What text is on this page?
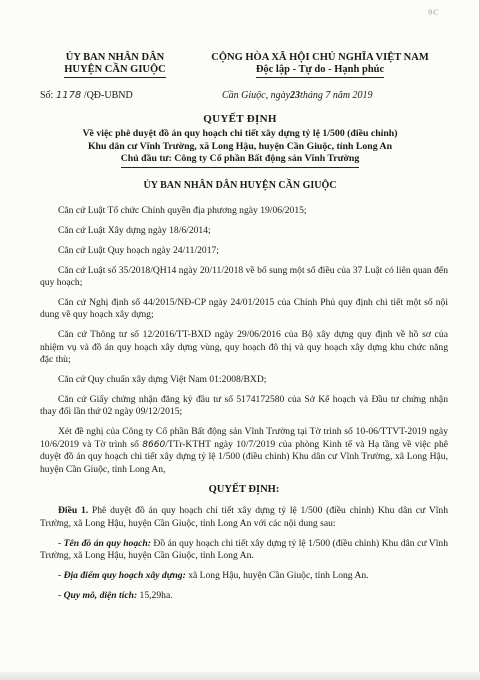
9C
ỦY BAN NHÂN DÂN
HUYỆN CẦN GIUỘC
CỘNG HÒA XÃ HỘI CHỦ NGHĨA VIỆT NAM
Độc lập - Tự do - Hạnh phúc
Số: 1178 /QĐ-UBND	Cần Giuộc, ngày23tháng 7 năm 2019
QUYẾT ĐỊNH
Về việc phê duyệt đồ án quy hoạch chi tiết xây dựng tỷ lệ 1/500 (điều chỉnh)
Khu dân cư Vĩnh Trường, xã Long Hậu, huyện Cần Giuộc, tỉnh Long An
Chủ đầu tư: Công ty Cổ phần Bất động sản Vĩnh Trường
ỦY BAN NHÂN DÂN HUYỆN CẦN GIUỘC

Căn cứ Luật Tổ chức Chính quyền địa phương ngày 19/06/2015;

Căn cứ Luật Xây dựng ngày 18/6/2014;

Căn cứ Luật Quy hoạch ngày 24/11/2017;

Căn cứ Luật số 35/2018/QH14 ngày 20/11/2018 về bổ sung một số điều của 37 Luật có liên quan đến quy hoạch;

Căn cứ Nghị định số 44/2015/NĐ-CP ngày 24/01/2015 của Chính Phủ quy định chi tiết một số nội dung về quy hoạch xây dựng;

Căn cứ Thông tư số 12/2016/TT-BXD ngày 29/06/2016 của Bộ xây dựng quy định về hồ sơ của nhiệm vụ và đồ án quy hoạch xây dựng vùng, quy hoạch đô thị và quy hoạch xây dựng khu chức năng đặc thù;

Căn cứ Quy chuẩn xây dựng Việt Nam 01:2008/BXD;

Căn cứ Giấy chứng nhận đăng ký đầu tư số 5174172580 của Sở Kế hoạch và Đầu tư chứng nhận thay đổi lần thứ 02 ngày 09/12/2015;

Xét đề nghị của Công ty Cổ phần Bất động sản Vĩnh Trường tại Tờ trình số 10-06/TTVT-2019 ngày 10/6/2019 và Tờ trình số 8660/TTr-KTHT ngày 10/7/2019 của phòng Kinh tế và Hạ tầng về việc phê duyệt đồ án quy hoạch chi tiết xây dựng tỷ lệ 1/500 (điều chỉnh) Khu dân cư Vĩnh Trường, xã Long Hậu, huyện Cần Giuộc, tỉnh Long An,

QUYẾT ĐỊNH:

Điều 1. Phê duyệt đồ án quy hoạch chi tiết xây dựng tỷ lệ 1/500 (điều chỉnh) Khu dân cư Vĩnh Trường, xã Long Hậu, huyện Cần Giuộc, tỉnh Long An với các nội dung sau:

- Tên đồ án quy hoạch: Đồ án quy hoạch chi tiết xây dựng tỷ lệ 1/500 (điều chỉnh) Khu dân cư Vĩnh Trường, xã Long Hậu, huyện Cần Giuộc, tỉnh Long An.

- Địa điểm quy hoạch xây dựng: xã Long Hậu, huyện Cần Giuộc, tỉnh Long An.

- Quy mô, diện tích: 15,29ha.
